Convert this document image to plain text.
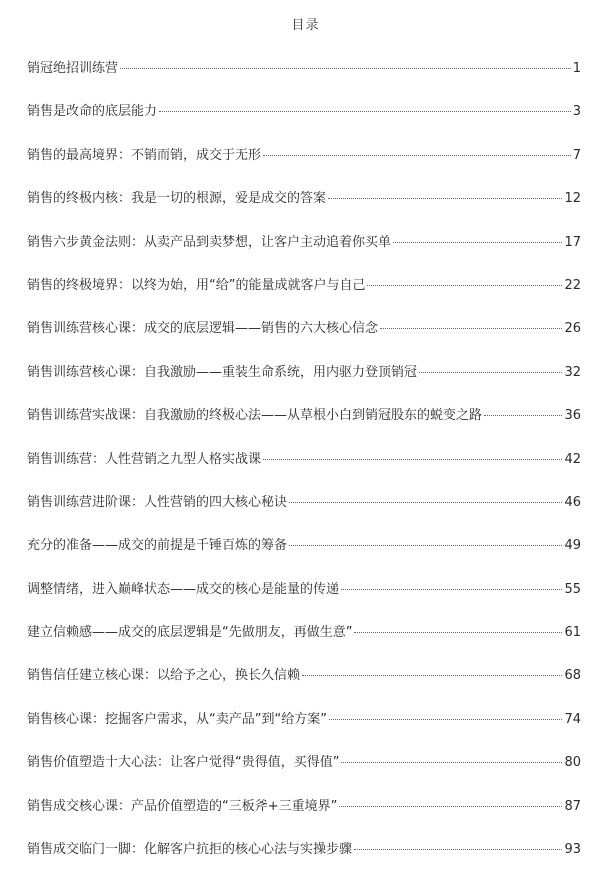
目录
销冠绝招训练营	1
销售是改命的底层能力	3
销售的最高境界：不销而销，成交于无形	7
销售的终极内核：我是一切的根源，爱是成交的答案	12
销售六步黄金法则：从卖产品到卖梦想，让客户主动追着你买单	17
销售的终极境界：以终为始，用“给”的能量成就客户与自己	22
销售训练营核心课：成交的底层逻辑——销售的六大核心信念	26
销售训练营核心课：自我激励——重装生命系统，用内驱力登顶销冠	32
销售训练营实战课：自我激励的终极心法——从草根小白到销冠股东的蜕变之路	36
销售训练营：人性营销之九型人格实战课	42
销售训练营进阶课：人性营销的四大核心秘诀	46
充分的准备——成交的前提是千锤百炼的筹备	49
调整情绪，进入巅峰状态——成交的核心是能量的传递	55
建立信赖感——成交的底层逻辑是“先做朋友，再做生意”	61
销售信任建立核心课：以给予之心，换长久信赖	68
销售核心课：挖掘客户需求，从“卖产品”到“给方案”	74
销售价值塑造十大心法：让客户觉得“贵得值，买得值”	80
销售成交核心课：产品价值塑造的“三板斧+三重境界”	87
销售成交临门一脚：化解客户抗拒的核心心法与实操步骤	93
